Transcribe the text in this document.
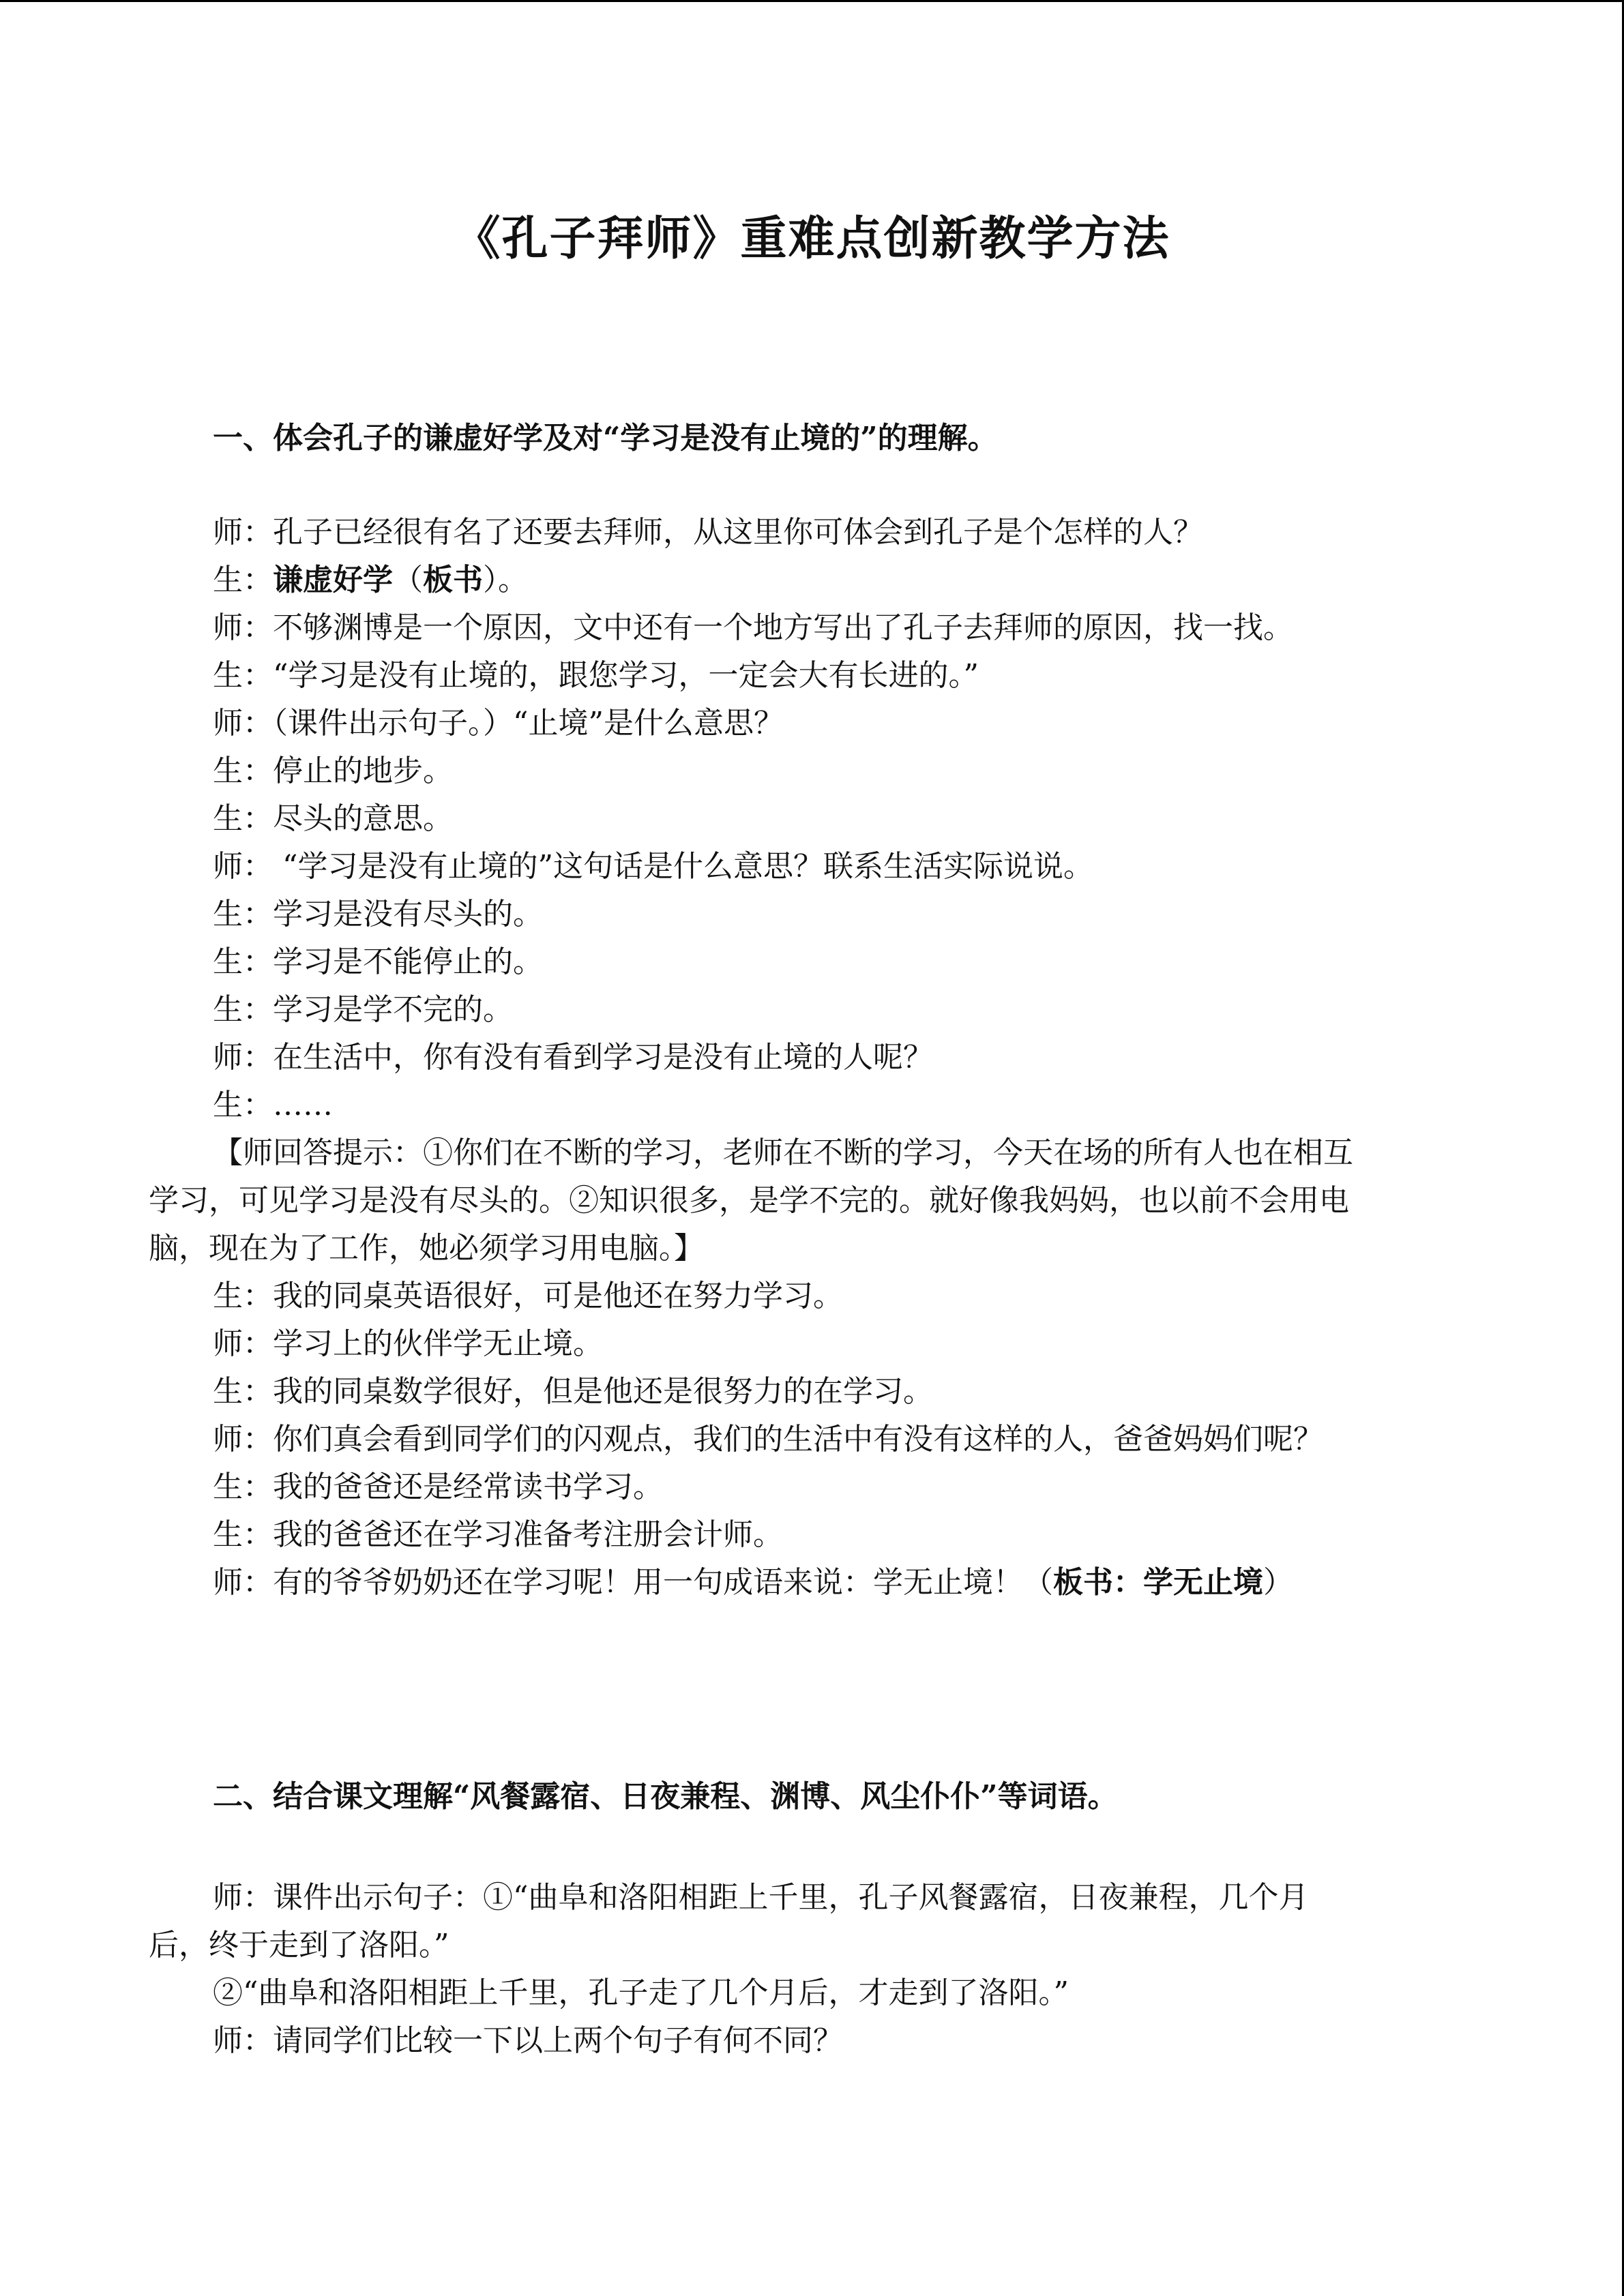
《孔子拜师》重难点创新教学方法
一、体会孔子的谦虚好学及对“学习是没有止境的”的理解。
师：孔子已经很有名了还要去拜师，从这里你可体会到孔子是个怎样的人？
生：谦虚好学（板书）。
师：不够渊博是一个原因，文中还有一个地方写出了孔子去拜师的原因，找一找。
生：“学习是没有止境的，跟您学习，一定会大有长进的。”
师：（课件出示句子。）“止境”是什么意思？
生：停止的地步。
生：尽头的意思。
师： “学习是没有止境的”这句话是什么意思？联系生活实际说说。
生：学习是没有尽头的。
生：学习是不能停止的。
生：学习是学不完的。
师：在生活中，你有没有看到学习是没有止境的人呢？
生：……
【师回答提示：①你们在不断的学习，老师在不断的学习，今天在场的所有人也在相互
学习，可见学习是没有尽头的。②知识很多，是学不完的。就好像我妈妈，也以前不会用电
脑，现在为了工作，她必须学习用电脑。】
生：我的同桌英语很好，可是他还在努力学习。
师：学习上的伙伴学无止境。
生：我的同桌数学很好，但是他还是很努力的在学习。
师：你们真会看到同学们的闪观点，我们的生活中有没有这样的人，爸爸妈妈们呢？
生：我的爸爸还是经常读书学习。
生：我的爸爸还在学习准备考注册会计师。
师：有的爷爷奶奶还在学习呢！用一句成语来说：学无止境！（板书：学无止境）
二、结合课文理解“风餐露宿、日夜兼程、渊博、风尘仆仆”等词语。
师：课件出示句子：①“曲阜和洛阳相距上千里，孔子风餐露宿，日夜兼程，几个月
后，终于走到了洛阳。”
②“曲阜和洛阳相距上千里，孔子走了几个月后，才走到了洛阳。”
师：请同学们比较一下以上两个句子有何不同？
